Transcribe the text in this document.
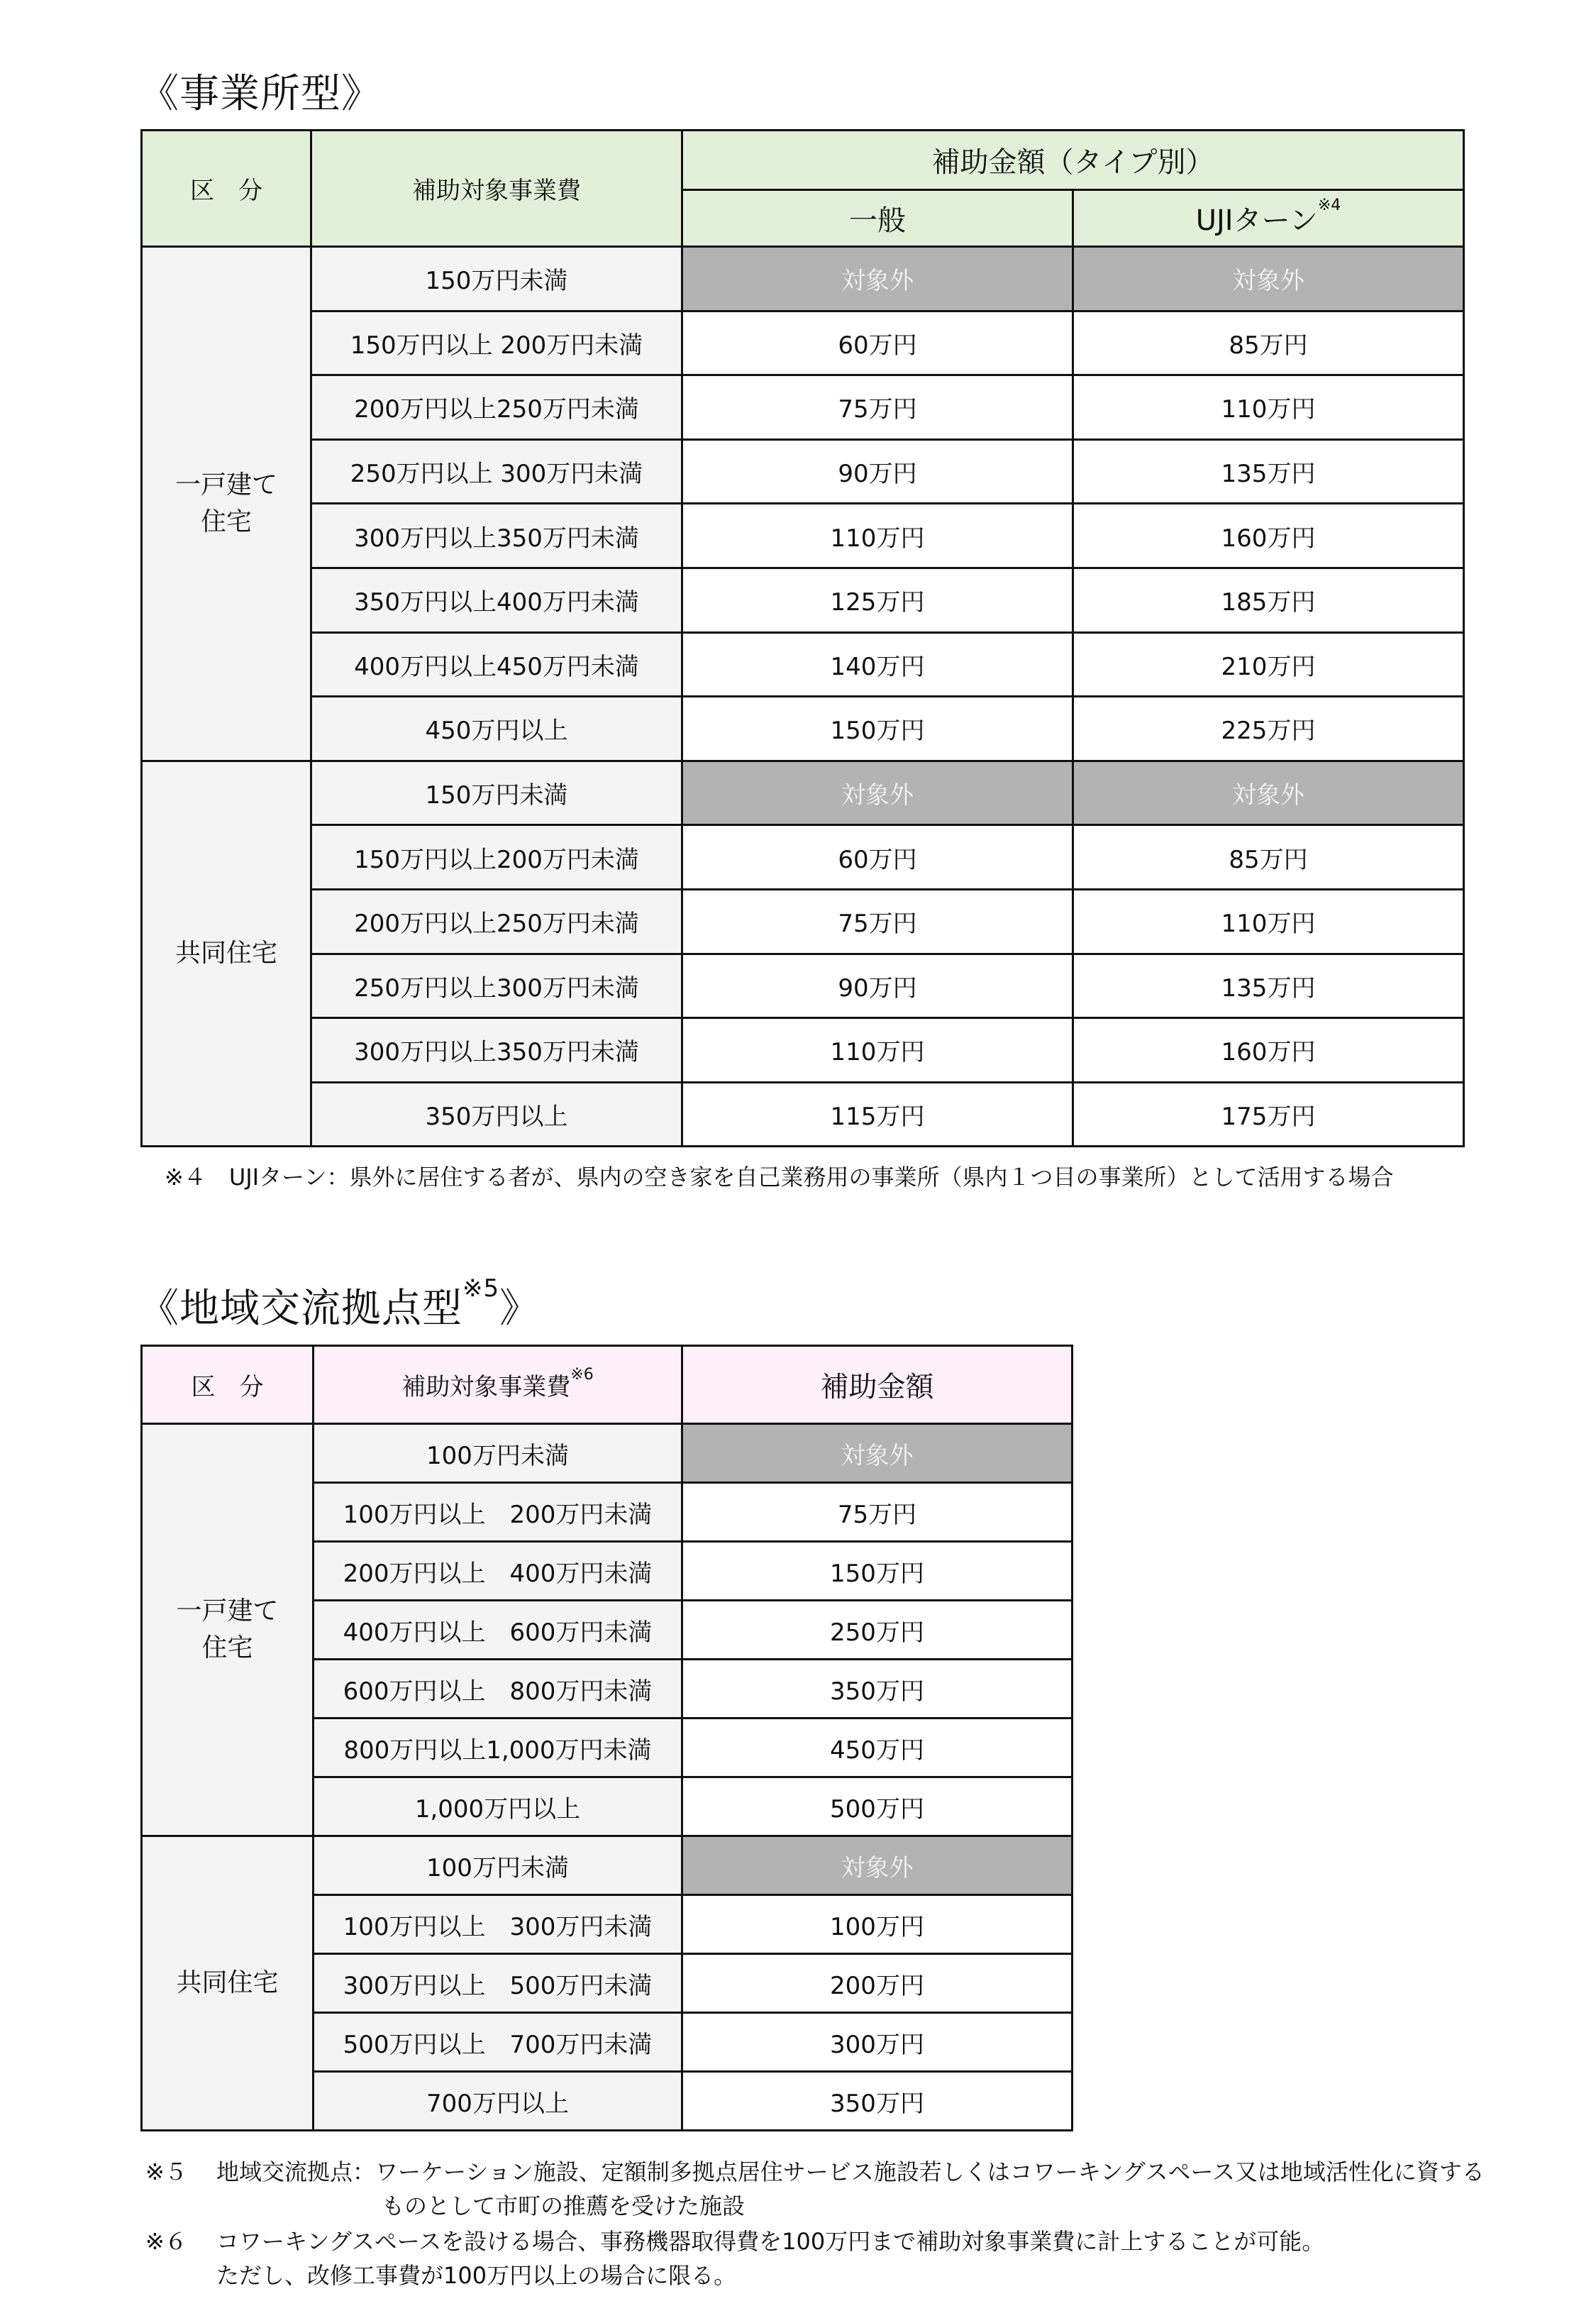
《事業所型》
区　分	補助対象事業費	補助金額（タイプ別）	
		一般	UJIターン$^{※4}$
一戸建て
住宅	150万円未満	対象外	対象外
	150万円以上 200万円未満	60万円	85万円
	200万円以上250万円未満	75万円	110万円
	250万円以上 300万円未満	90万円	135万円
	300万円以上350万円未満	110万円	160万円
	350万円以上400万円未満	125万円	185万円
	400万円以上450万円未満	140万円	210万円
	450万円以上	150万円	225万円
共同住宅	150万円未満	対象外	対象外
	150万円以上200万円未満	60万円	85万円
	200万円以上250万円未満	75万円	110万円
	250万円以上300万円未満	90万円	135万円
	300万円以上350万円未満	110万円	160万円
	350万円以上	115万円	175万円
※４　UJIターン：県外に居住する者が、県内の空き家を自己業務用の事業所（県内１つ目の事業所）として活用する場合
《地域交流拠点型$^{※5}$》
区　分	補助対象事業費$^{※6}$	補助金額
一戸建て
住宅	100万円未満	対象外
	100万円以上　200万円未満	75万円
	200万円以上　400万円未満	150万円
	400万円以上　600万円未満	250万円
	600万円以上　800万円未満	350万円
	800万円以上1,000万円未満	450万円
	1,000万円以上	500万円
共同住宅	100万円未満	対象外
	100万円以上　300万円未満	100万円
	300万円以上　500万円未満	200万円
	500万円以上　700万円未満	300万円
	700万円以上	350万円
※５ 地域交流拠点：ワーケーション施設、定額制多拠点居住サービス施設若しくはコワーキングスペース又は地域活性化に資する
ものとして市町の推薦を受けた施設
※６ コワーキングスペースを設ける場合、事務機器取得費を100万円まで補助対象事業費に計上することが可能。
ただし、改修工事費が100万円以上の場合に限る。
